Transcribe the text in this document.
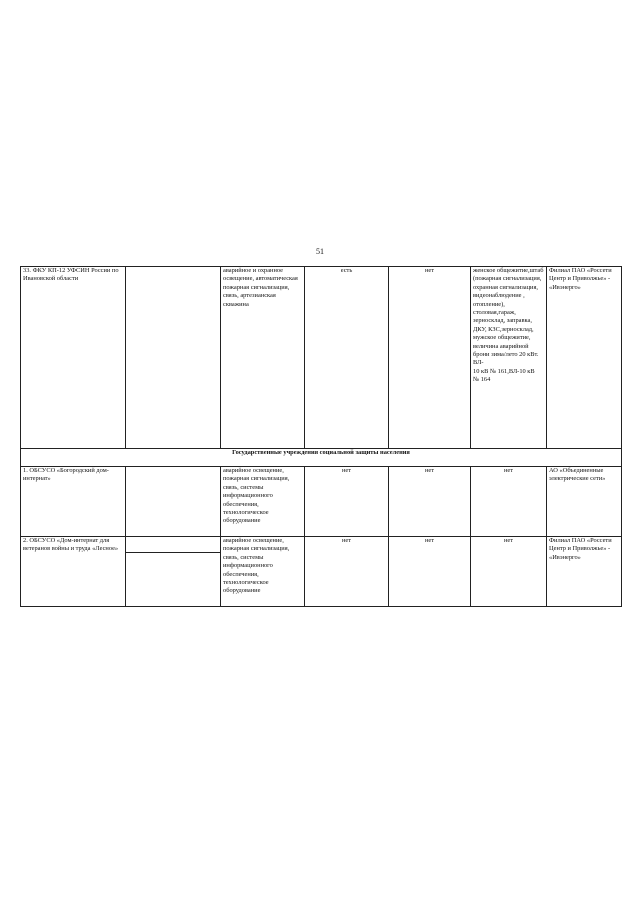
51
33. ФКУ КП-12 УФСИН России по Ивановской области		аварийное и охранное освещение, автоматическая пожарная сигнализация, связь, артезианская скважина	есть	нет	женское общежитие,штаб (пожарная сигнализация, охранная сигнализация, видеонаблюдение , отопление), столовая,гараж, зерносклад, заправка, ДКУ, КЗС,зерносклад, мужское общежитие, величина аварийной брони зима/лето 20 кВт. ВЛ-
10 кВ № 161,ВЛ-10 кВ
№ 164	Филиал ПАО «Россети Центр и Приволжье» - «Ивэнерго»
Государственные учреждения социальной защиты населения						
1. ОБСУСО «Богородский дом-интернат»		аварийное освещение, пожарная сигнализация, связь, системы информационного обеспечения, технологическое оборудование	нет	нет	нет	АО «Объединенные электрические сети»
2. ОБСУСО «Дом-интернат для ветеранов войны и труда «Лесное»		аварийное освещение, пожарная сигнализация, связь, системы информационного обеспечения, технологическое оборудование	нет	нет	нет	Филиал ПАО «Россети Центр и Приволжье» - «Ивэнерго»
